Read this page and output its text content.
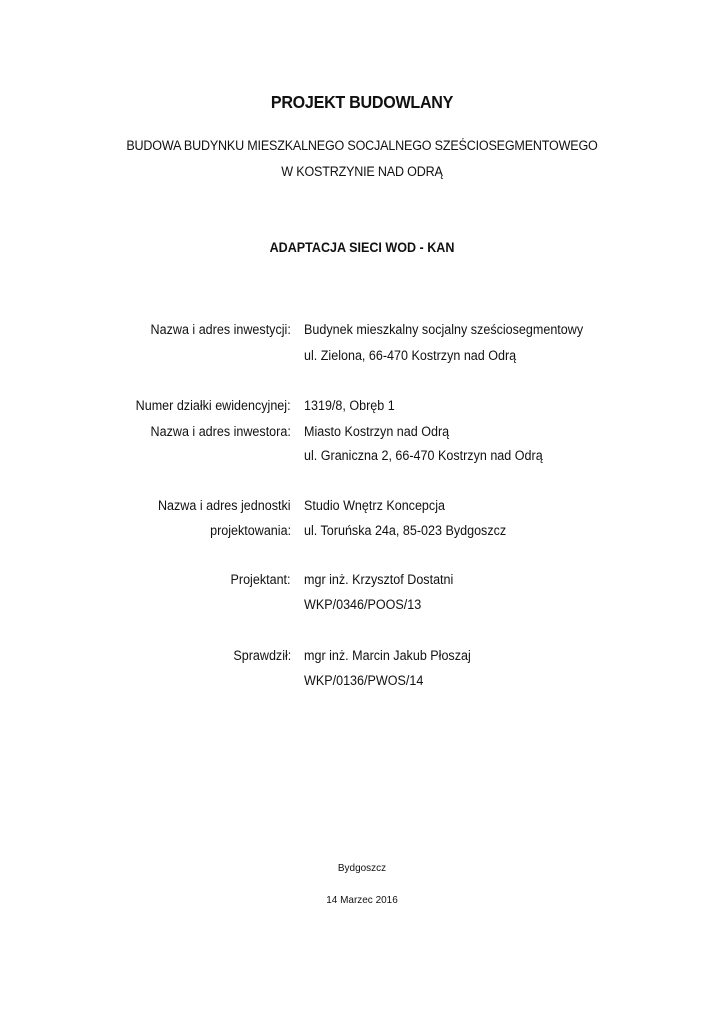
PROJEKT BUDOWLANY
BUDOWA BUDYNKU MIESZKALNEGO SOCJALNEGO SZEŚCIOSEGMENTOWEGO
W KOSTRZYNIE NAD ODRĄ
ADAPTACJA SIECI WOD - KAN
Nazwa i adres inwestycji: Budynek mieszkalny socjalny sześciosegmentowy
ul. Zielona, 66-470 Kostrzyn nad Odrą
Numer działki ewidencyjnej: 1319/8, Obręb 1
Nazwa i adres inwestora: Miasto Kostrzyn nad Odrą
ul. Graniczna 2, 66-470 Kostrzyn nad Odrą
Nazwa i adres jednostki Studio Wnętrz Koncepcja
projektowania: ul. Toruńska 24a, 85-023 Bydgoszcz
Projektant: mgr inż. Krzysztof Dostatni
WKP/0346/POOS/13
Sprawdził: mgr inż. Marcin Jakub Płoszaj
WKP/0136/PWOS/14
Bydgoszcz
14 Marzec 2016
